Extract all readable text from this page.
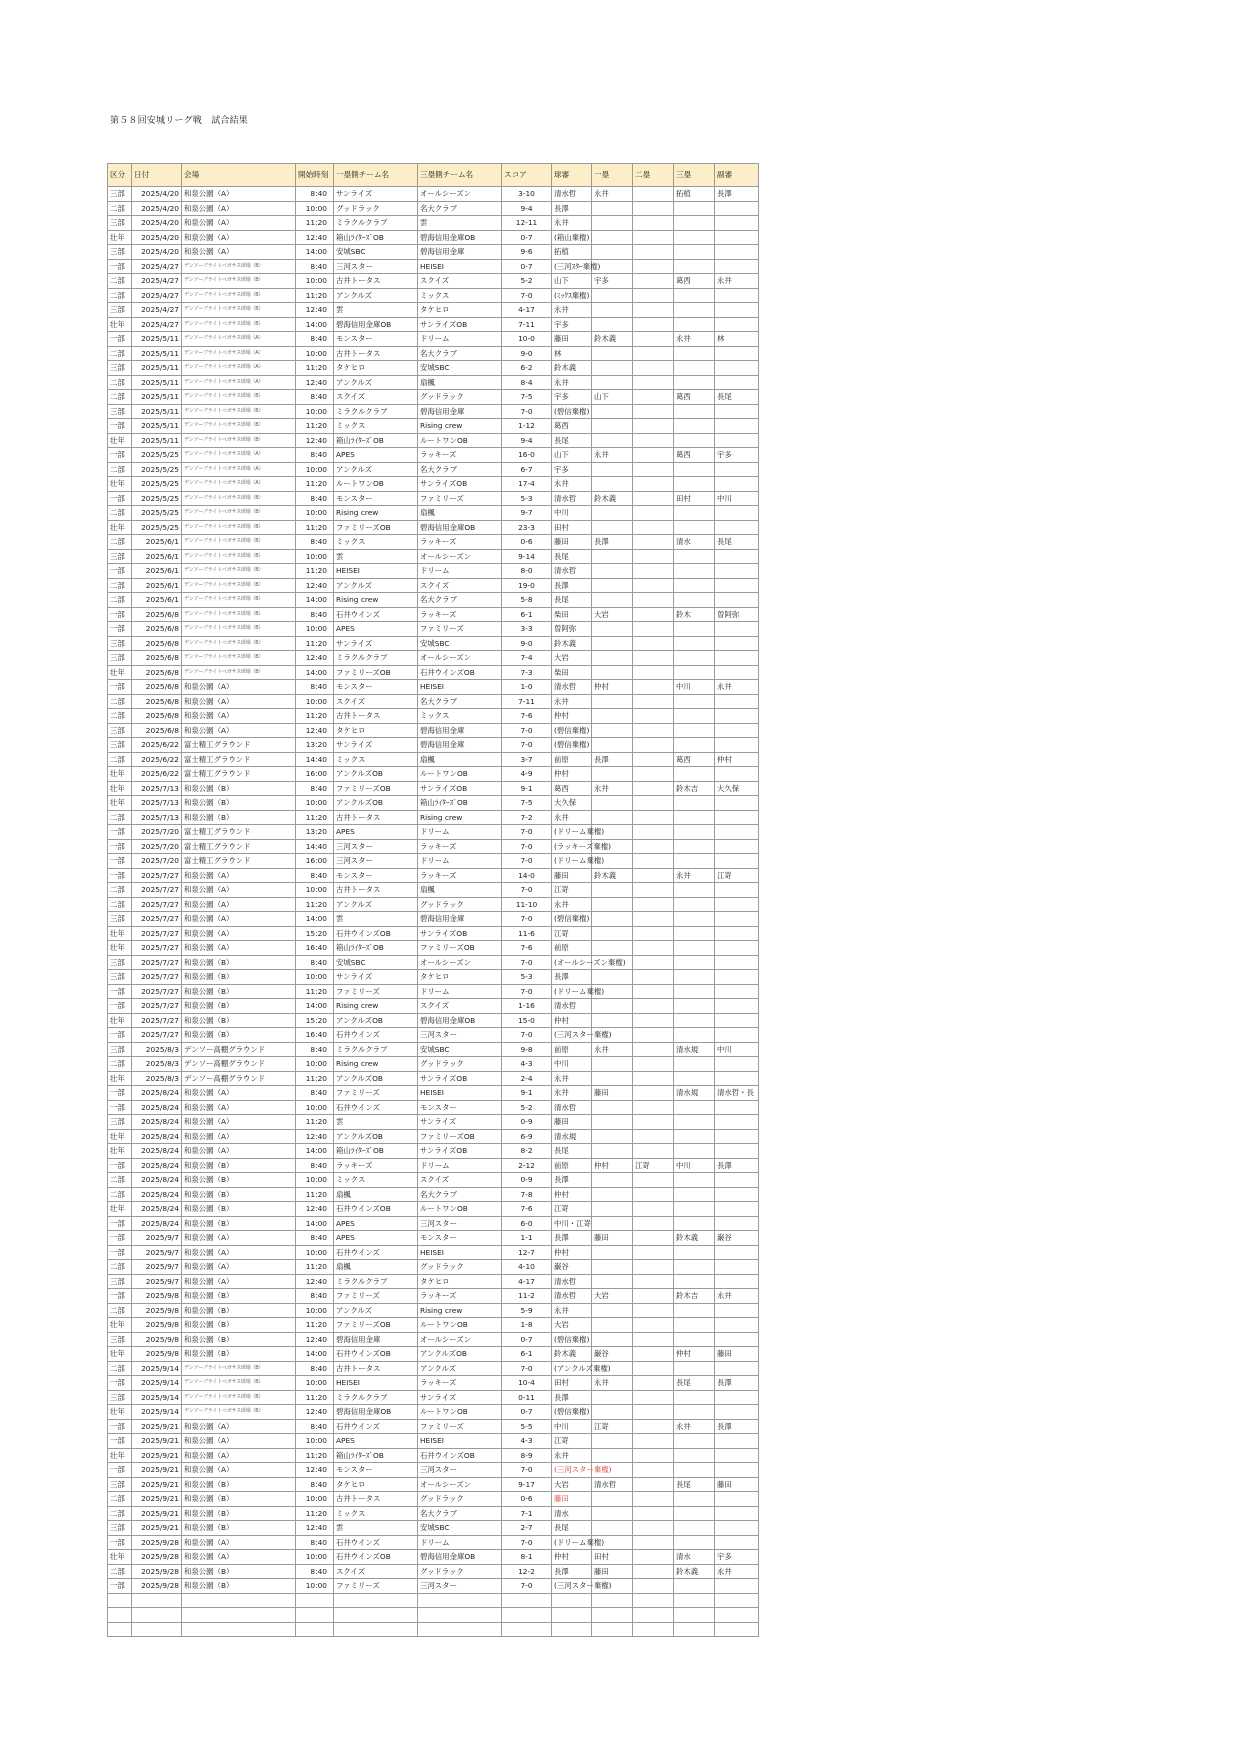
第５８回安城リーグ戦　試合結果
区分	日付	会場	開始時刻	一塁側チーム名	三塁側チーム名	スコア	球審	一塁	二塁	三塁	副審
三部	2025/4/20	和泉公園（A）	8:40	サンライズ	オールシーズン	3-10	清水哲	永井		拓植	長澤
二部	2025/4/20	和泉公園（A）	10:00	グッドラック	名大クラブ	9-4	長澤				
三部	2025/4/20	和泉公園（A）	11:20	ミラクルクラブ	雲	12-11	永井				
壮年	2025/4/20	和泉公園（A）	12:40	箱山ﾗｲﾀｰｽﾞOB	碧海信用金庫OB	0-7	(箱山棄権)				
三部	2025/4/20	和泉公園（A）	14:00	安城SBC	碧海信用金庫	9-6	拓植				
一部	2025/4/27	デンソーブライトペガサス球場（B）	8:40	三河スター	HEISEI	0-7	(三河ｽﾀｰ棄権)				
二部	2025/4/27	デンソーブライトペガサス球場（B）	10:00	古井トータス	スクイズ	5-2	山下	宇多		葛西	永井
二部	2025/4/27	デンソーブライトペガサス球場（B）	11:20	アンクルズ	ミックス	7-0	(ﾐｯｸｽ棄権)				
三部	2025/4/27	デンソーブライトペガサス球場（B）	12:40	雲	タケヒロ	4-17	永井				
壮年	2025/4/27	デンソーブライトペガサス球場（B）	14:00	碧海信用金庫OB	サンライズOB	7-11	宇多				
一部	2025/5/11	デンソーブライトペガサス球場（A）	8:40	モンスター	ドリーム	10-0	藤田	鈴木義		永井	林
二部	2025/5/11	デンソーブライトペガサス球場（A）	10:00	古井トータス	名大クラブ	9-0	林				
三部	2025/5/11	デンソーブライトペガサス球場（A）	11:20	タケヒロ	安城SBC	6-2	鈴木義				
二部	2025/5/11	デンソーブライトペガサス球場（A）	12:40	アンクルズ	扇楓	8-4	永井				
二部	2025/5/11	デンソーブライトペガサス球場（B）	8:40	スクイズ	グッドラック	7-5	宇多	山下		葛西	長尾
三部	2025/5/11	デンソーブライトペガサス球場（B）	10:00	ミラクルクラブ	碧海信用金庫	7-0	(碧信棄権)				
一部	2025/5/11	デンソーブライトペガサス球場（B）	11:20	ミックス	Rising crew	1-12	葛西				
壮年	2025/5/11	デンソーブライトペガサス球場（B）	12:40	箱山ﾗｲﾀｰｽﾞOB	ルートワンOB	9-4	長尾				
一部	2025/5/25	デンソーブライトペガサス球場（A）	8:40	APES	ラッキーズ	16-0	山下	永井		葛西	宇多
二部	2025/5/25	デンソーブライトペガサス球場（A）	10:00	アンクルズ	名大クラブ	6-7	宇多				
壮年	2025/5/25	デンソーブライトペガサス球場（A）	11:20	ルートワンOB	サンライズOB	17-4	永井				
一部	2025/5/25	デンソーブライトペガサス球場（B）	8:40	モンスター	ファミリーズ	5-3	清水哲	鈴木義		田村	中川
二部	2025/5/25	デンソーブライトペガサス球場（B）	10:00	Rising crew	扇楓	9-7	中川				
壮年	2025/5/25	デンソーブライトペガサス球場（B）	11:20	ファミリーズOB	碧海信用金庫OB	23-3	田村				
二部	2025/6/1	デンソーブライトペガサス球場（B）	8:40	ミックス	ラッキーズ	0-6	藤田	長澤		清水	長尾
三部	2025/6/1	デンソーブライトペガサス球場（B）	10:00	雲	オールシーズン	9-14	長尾				
一部	2025/6/1	デンソーブライトペガサス球場（B）	11:20	HEISEI	ドリーム	8-0	清水哲				
二部	2025/6/1	デンソーブライトペガサス球場（B）	12:40	アンクルズ	スクイズ	19-0	長澤				
二部	2025/6/1	デンソーブライトペガサス球場（B）	14:00	Rising crew	名大クラブ	5-8	長尾				
一部	2025/6/8	デンソーブライトペガサス球場（B）	8:40	石井ウインズ	ラッキーズ	6-1	柴田	大岩		鈴木	曽阿弥
一部	2025/6/8	デンソーブライトペガサス球場（B）	10:00	APES	ファミリーズ	3-3	曽阿弥				
三部	2025/6/8	デンソーブライトペガサス球場（B）	11:20	サンライズ	安城SBC	9-0	鈴木義				
三部	2025/6/8	デンソーブライトペガサス球場（B）	12:40	ミラクルクラブ	オールシーズン	7-4	大岩				
壮年	2025/6/8	デンソーブライトペガサス球場（B）	14:00	ファミリーズOB	石井ウインズOB	7-3	柴田				
一部	2025/6/8	和泉公園（A）	8:40	モンスター	HEISEI	1-0	清水哲	仲村		中川	永井
二部	2025/6/8	和泉公園（A）	10:00	スクイズ	名大クラブ	7-11	永井				
二部	2025/6/8	和泉公園（A）	11:20	古井トータス	ミックス	7-6	仲村				
三部	2025/6/8	和泉公園（A）	12:40	タケヒロ	碧海信用金庫	7-0	(碧信棄権)				
三部	2025/6/22	富士精工グラウンド	13:20	サンライズ	碧海信用金庫	7-0	(碧信棄権)				
二部	2025/6/22	富士精工グラウンド	14:40	ミックス	扇楓	3-7	前原	長澤		葛西	仲村
壮年	2025/6/22	富士精工グラウンド	16:00	アンクルズOB	ルートワンOB	4-9	仲村				
壮年	2025/7/13	和泉公園（B）	8:40	ファミリーズOB	サンライズOB	9-1	葛西	永井		鈴木吉	大久保
壮年	2025/7/13	和泉公園（B）	10:00	アンクルズOB	箱山ﾗｲﾀｰｽﾞOB	7-5	大久保				
二部	2025/7/13	和泉公園（B）	11:20	古井トータス	Rising crew	7-2	永井				
一部	2025/7/20	富士精工グラウンド	13:20	APES	ドリーム	7-0	(ドリーム棄権)				
一部	2025/7/20	富士精工グラウンド	14:40	三河スター	ラッキーズ	7-0	(ラッキーズ棄権)				
一部	2025/7/20	富士精工グラウンド	16:00	三河スター	ドリーム	7-0	(ドリーム棄権)				
一部	2025/7/27	和泉公園（A）	8:40	モンスター	ラッキーズ	14-0	藤田	鈴木義		永井	江嵜
二部	2025/7/27	和泉公園（A）	10:00	古井トータス	扇楓	7-0	江嵜				
二部	2025/7/27	和泉公園（A）	11:20	アンクルズ	グッドラック	11-10	永井				
三部	2025/7/27	和泉公園（A）	14:00	雲	碧海信用金庫	7-0	(碧信棄権)				
壮年	2025/7/27	和泉公園（A）	15:20	石井ウインズOB	サンライズOB	11-6	江嵜				
壮年	2025/7/27	和泉公園（A）	16:40	箱山ﾗｲﾀｰｽﾞOB	ファミリーズOB	7-6	前原				
三部	2025/7/27	和泉公園（B）	8:40	安城SBC	オールシーズン	7-0	(オールシーズン棄権)				
三部	2025/7/27	和泉公園（B）	10:00	サンライズ	タケヒロ	5-3	長澤				
一部	2025/7/27	和泉公園（B）	11:20	ファミリーズ	ドリーム	7-0	(ドリーム棄権)				
一部	2025/7/27	和泉公園（B）	14:00	Rising crew	スクイズ	1-16	清水哲				
壮年	2025/7/27	和泉公園（B）	15:20	アンクルズOB	碧海信用金庫OB	15-0	仲村				
一部	2025/7/27	和泉公園（B）	16:40	石井ウインズ	三河スター	7-0	(三河スター棄権)				
三部	2025/8/3	デンソー高棚グラウンド	8:40	ミラクルクラブ	安城SBC	9-8	前原	永井		清水規	中川
二部	2025/8/3	デンソー高棚グラウンド	10:00	Rising crew	グッドラック	4-3	中川				
壮年	2025/8/3	デンソー高棚グラウンド	11:20	アンクルズOB	サンライズOB	2-4	永井				
一部	2025/8/24	和泉公園（A）	8:40	ファミリーズ	HEISEI	9-1	永井	藤田		清水規	清水哲・長
一部	2025/8/24	和泉公園（A）	10:00	石井ウインズ	モンスター	5-2	清水哲				
三部	2025/8/24	和泉公園（A）	11:20	雲	サンライズ	0-9	藤田				
壮年	2025/8/24	和泉公園（A）	12:40	アンクルズOB	ファミリーズOB	6-9	清水規				
壮年	2025/8/24	和泉公園（A）	14:00	箱山ﾗｲﾀｰｽﾞOB	サンライズOB	8-2	長尾				
一部	2025/8/24	和泉公園（B）	8:40	ラッキーズ	ドリーム	2-12	前原	仲村	江嵜	中川	長澤
二部	2025/8/24	和泉公園（B）	10:00	ミックス	スクイズ	0-9	長澤				
二部	2025/8/24	和泉公園（B）	11:20	扇楓	名大クラブ	7-8	仲村				
壮年	2025/8/24	和泉公園（B）	12:40	石井ウインズOB	ルートワンOB	7-6	江嵜				
一部	2025/8/24	和泉公園（B）	14:00	APES	三河スター	6-0	中川・江嵜				
一部	2025/9/7	和泉公園（A）	8:40	APES	モンスター	1-1	長澤	藤田		鈴木義	巌谷
一部	2025/9/7	和泉公園（A）	10:00	石井ウインズ	HEISEI	12-7	仲村				
二部	2025/9/7	和泉公園（A）	11:20	扇楓	グッドラック	4-10	巌谷				
三部	2025/9/7	和泉公園（A）	12:40	ミラクルクラブ	タケヒロ	4-17	清水哲				
一部	2025/9/8	和泉公園（B）	8:40	ファミリーズ	ラッキーズ	11-2	清水哲	大岩		鈴木吉	永井
二部	2025/9/8	和泉公園（B）	10:00	アンクルズ	Rising crew	5-9	永井				
壮年	2025/9/8	和泉公園（B）	11:20	ファミリーズOB	ルートワンOB	1-8	大岩				
三部	2025/9/8	和泉公園（B）	12:40	碧海信用金庫	オールシーズン	0-7	(碧信棄権)				
壮年	2025/9/8	和泉公園（B）	14:00	石井ウインズOB	アンクルズOB	6-1	鈴木義	巌谷		仲村	藤田
二部	2025/9/14	デンソーブライトペガサス球場（B）	8:40	古井トータス	アンクルズ	7-0	(アンクルズ棄権)				
一部	2025/9/14	デンソーブライトペガサス球場（B）	10:00	HEISEI	ラッキーズ	10-4	田村	永井		長尾	長澤
三部	2025/9/14	デンソーブライトペガサス球場（B）	11:20	ミラクルクラブ	サンライズ	0-11	長澤				
壮年	2025/9/14	デンソーブライトペガサス球場（B）	12:40	碧海信用金庫OB	ルートワンOB	0-7	(碧信棄権)				
一部	2025/9/21	和泉公園（A）	8:40	石井ウインズ	ファミリーズ	5-5	中川	江嵜		永井	長澤
一部	2025/9/21	和泉公園（A）	10:00	APES	HEISEI	4-3	江嵜				
壮年	2025/9/21	和泉公園（A）	11:20	箱山ﾗｲﾀｰｽﾞOB	石井ウインズOB	8-9	永井				
一部	2025/9/21	和泉公園（A）	12:40	モンスター	三河スター	7-0	(三河スター棄権)				
三部	2025/9/21	和泉公園（B）	8:40	タケヒロ	オールシーズン	9-17	大岩	清水哲		長尾	藤田
二部	2025/9/21	和泉公園（B）	10:00	古井トータス	グッドラック	0-6	藤田				
二部	2025/9/21	和泉公園（B）	11:20	ミックス	名大クラブ	7-1	清水				
三部	2025/9/21	和泉公園（B）	12:40	雲	安城SBC	2-7	長尾				
一部	2025/9/28	和泉公園（A）	8:40	石井ウインズ	ドリーム	7-0	(ドリーム棄権)				
壮年	2025/9/28	和泉公園（A）	10:00	石井ウインズOB	碧海信用金庫OB	8-1	仲村	田村		清水	宇多
二部	2025/9/28	和泉公園（B）	8:40	スクイズ	グッドラック	12-2	長澤	藤田		鈴木義	永井
一部	2025/9/28	和泉公園（B）	10:00	ファミリーズ	三河スター	7-0	(三河スター棄権)				
